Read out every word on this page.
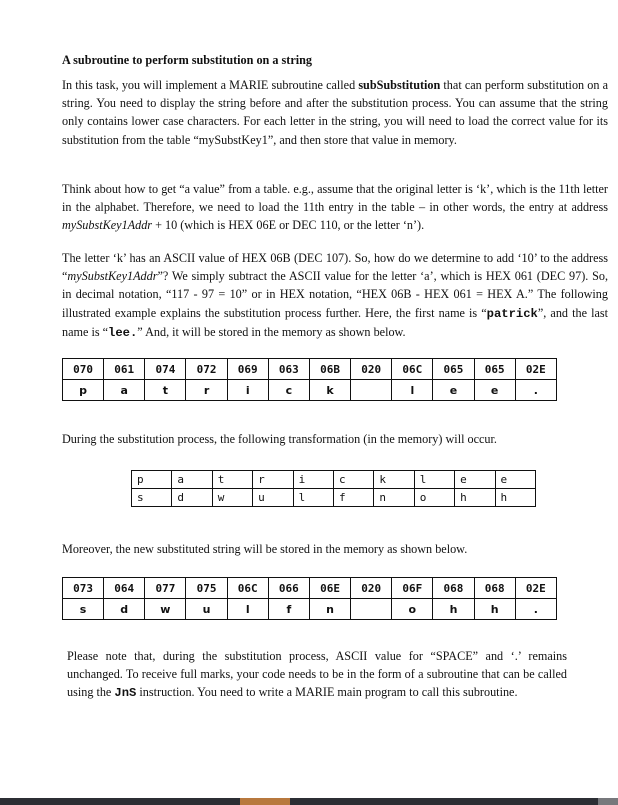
A subroutine to perform substitution on a string

In this task, you will implement a MARIE subroutine called subSubstitution that can perform substitution on a string. You need to display the string before and after the substitution process. You can assume that the string only contains lower case characters. For each letter in the string, you will need to load the correct value for its substitution from the table “mySubstKey1”, and then store that value in memory.

Think about how to get “a value” from a table. e.g., assume that the original letter is ‘k’, which is the 11th letter in the alphabet. Therefore, we need to load the 11th entry in the table – in other words, the entry at address mySubstKey1Addr + 10 (which is HEX 06E or DEC 110, or the letter ‘n’).

The letter ‘k’ has an ASCII value of HEX 06B (DEC 107). So, how do we determine to add ‘10’ to the address “mySubstKey1Addr”? We simply subtract the ASCII value for the letter ‘a’, which is HEX 061 (DEC 97). So, in decimal notation, “117 - 97 = 10” or in HEX notation, “HEX 06B - HEX 061 = HEX A.” The following illustrated example explains the substitution process further. Here, the first name is “patrick”, and the last name is “lee.” And, it will be stored in the memory as shown below.

070	061	074	072	069	063	06B	020	06C	065	065	02E
p	a	t	r	i	c	k		l	e	e	.

During the substitution process, the following transformation (in the memory) will occur.

p	a	t	r	i	c	k	l	e	e
s	d	w	u	l	f	n	o	h	h

Moreover, the new substituted string will be stored in the memory as shown below.

073	064	077	075	06C	066	06E	020	06F	068	068	02E
s	d	w	u	l	f	n		o	h	h	.

Please note that, during the substitution process, ASCII value for “SPACE” and ‘.’ remains unchanged. To receive full marks, your code needs to be in the form of a subroutine that can be called using the JnS instruction. You need to write a MARIE main program to call this subroutine.
